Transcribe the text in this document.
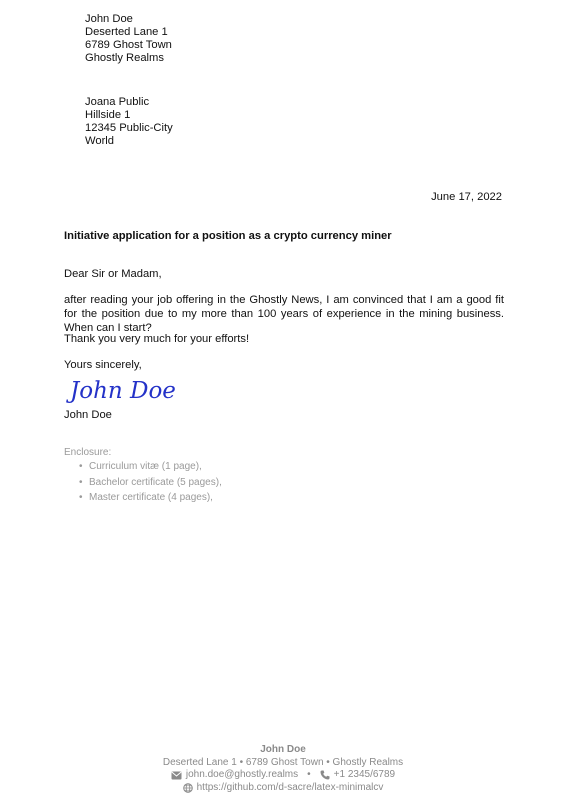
John Doe
Deserted Lane 1
6789 Ghost Town
Ghostly Realms
Joana Public
Hillside 1
12345 Public-City
World
June 17, 2022
Initiative application for a position as a crypto currency miner
Dear Sir or Madam,
after reading your job offering in the Ghostly News, I am convinced that I am a good fit for the position due to my more than 100 years of experience in the mining business. When can I start?
Thank you very much for your efforts!
Yours sincerely,
John Doe
John Doe
Enclosure:
• Curriculum vitæ (1 page),
• Bachelor certificate (5 pages),
• Master certificate (4 pages),
John Doe
Deserted Lane 1 • 6789 Ghost Town • Ghostly Realms
john.doe@ghostly.realms •	+1 2345/6789
https://github.com/d-sacre/latex-minimalcv
